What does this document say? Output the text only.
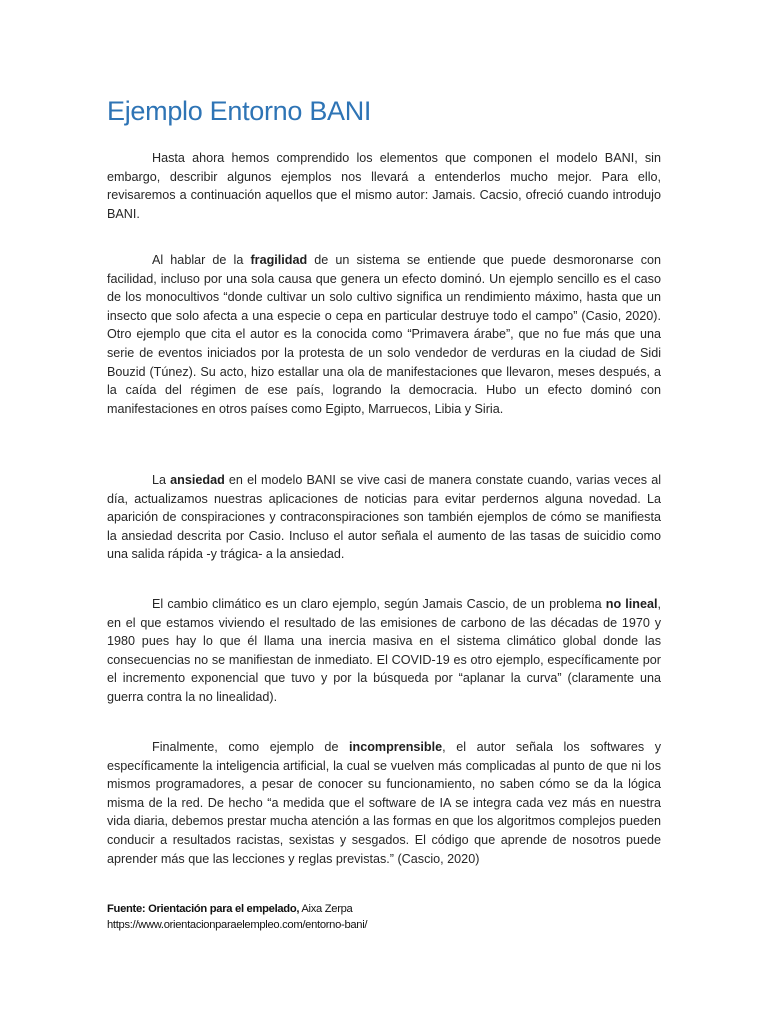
Ejemplo Entorno BANI

Hasta ahora hemos comprendido los elementos que componen el modelo BANI, sin embargo, describir algunos ejemplos nos llevará a entenderlos mucho mejor. Para ello, revisaremos a continuación aquellos que el mismo autor: Jamais. Cacsio, ofreció cuando introdujo BANI.

Al hablar de la fragilidad de un sistema se entiende que puede desmoronarse con facilidad, incluso por una sola causa que genera un efecto dominó. Un ejemplo sencillo es el caso de los monocultivos “donde cultivar un solo cultivo significa un rendimiento máximo, hasta que un insecto que solo afecta a una especie o cepa en particular destruye todo el campo” (Casio, 2020). Otro ejemplo que cita el autor es la conocida como “Primavera árabe”, que no fue más que una serie de eventos iniciados por la protesta de un solo vendedor de verduras en la ciudad de Sidi Bouzid (Túnez). Su acto, hizo estallar una ola de manifestaciones que llevaron, meses después, a la caída del régimen de ese país, logrando la democracia. Hubo un efecto dominó con manifestaciones en otros países como Egipto, Marruecos, Libia y Siria.

La ansiedad en el modelo BANI se vive casi de manera constate cuando, varias veces al día, actualizamos nuestras aplicaciones de noticias para evitar perdernos alguna novedad. La aparición de conspiraciones y contraconspiraciones son también ejemplos de cómo se manifiesta la ansiedad descrita por Casio. Incluso el autor señala el aumento de las tasas de suicidio como una salida rápida -y trágica- a la ansiedad.

El cambio climático es un claro ejemplo, según Jamais Cascio, de un problema no lineal, en el que estamos viviendo el resultado de las emisiones de carbono de las décadas de 1970 y 1980 pues hay lo que él llama una inercia masiva en el sistema climático global donde las consecuencias no se manifiestan de inmediato. El COVID-19 es otro ejemplo, específicamente por el incremento exponencial que tuvo y por la búsqueda por “aplanar la curva” (claramente una guerra contra la no linealidad).

Finalmente, como ejemplo de incomprensible, el autor señala los softwares y específicamente la inteligencia artificial, la cual se vuelven más complicadas al punto de que ni los mismos programadores, a pesar de conocer su funcionamiento, no saben cómo se da la lógica misma de la red. De hecho “a medida que el software de IA se integra cada vez más en nuestra vida diaria, debemos prestar mucha atención a las formas en que los algoritmos complejos pueden conducir a resultados racistas, sexistas y sesgados. El código que aprende de nosotros puede aprender más que las lecciones y reglas previstas.” (Cascio, 2020)

Fuente: Orientación para el empelado, Aixa Zerpa
https://www.orientacionparaelempleo.com/entorno-bani/
